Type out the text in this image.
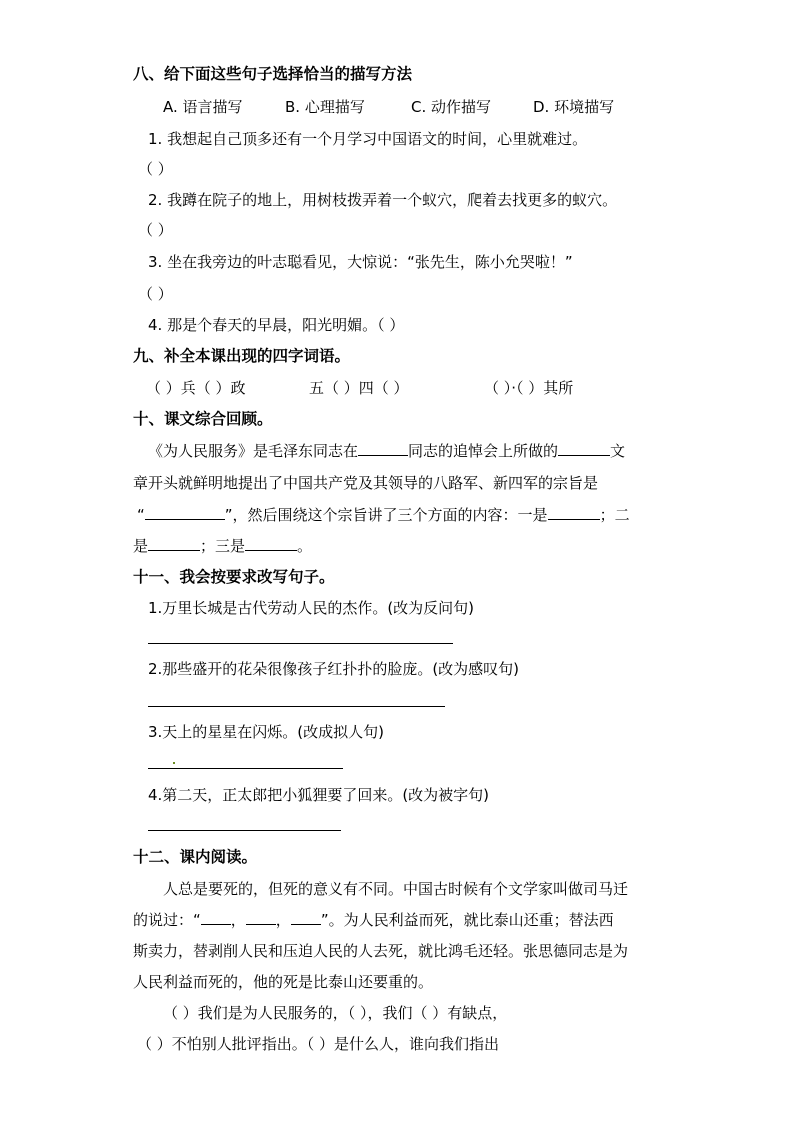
八、给下面这些句子选择恰当的描写方法
A. 语言描写	B. 心理描写	C. 动作描写	D. 环境描写
1. 我想起自己顶多还有一个月学习中国语文的时间，心里就难过。
（ ）
2. 我蹲在院子的地上，用树枝拨弄着一个蚁穴，爬着去找更多的蚁穴。
（ ）
3. 坐在我旁边的叶志聪看见，大惊说：“张先生，陈小允哭啦！”
（ ）
4. 那是个春天的早晨，阳光明媚。（ ）
九、补全本课出现的四字词语。
（ ）兵（ ）政	五（ ）四（ ）	（ ）·（ ）其所
十、课文综合回顾。
《为人民服务》是毛泽东同志在	同志的追悼会上所做的	文
章开头就鲜明地提出了中国共产党及其领导的八路军、新四军的宗旨是
“	”，然后围绕这个宗旨讲了三个方面的内容：一是	；二
是	；三是	。
十一、我会按要求改写句子。
1.万里长城是古代劳动人民的杰作。(改为反问句)
2.那些盛开的花朵很像孩子红扑扑的脸庞。(改为感叹句)
3.天上的星星在闪烁。(改成拟人句)
4.第二天，正太郎把小狐狸要了回来。(改为被字句)
十二、课内阅读。
人总是要死的，但死的意义有不同。中国古时候有个文学家叫做司马迁
的说过：“ ， ， ”。为人民利益而死，就比泰山还重；替法西
斯卖力，替剥削人民和压迫人民的人去死，就比鸿毛还轻。张思德同志是为
人民利益而死的，他的死是比泰山还要重的。
（ ）我们是为人民服务的，（ ），我们（ ）有缺点，
（ ）不怕别人批评指出。（ ）是什么人，谁向我们指出
